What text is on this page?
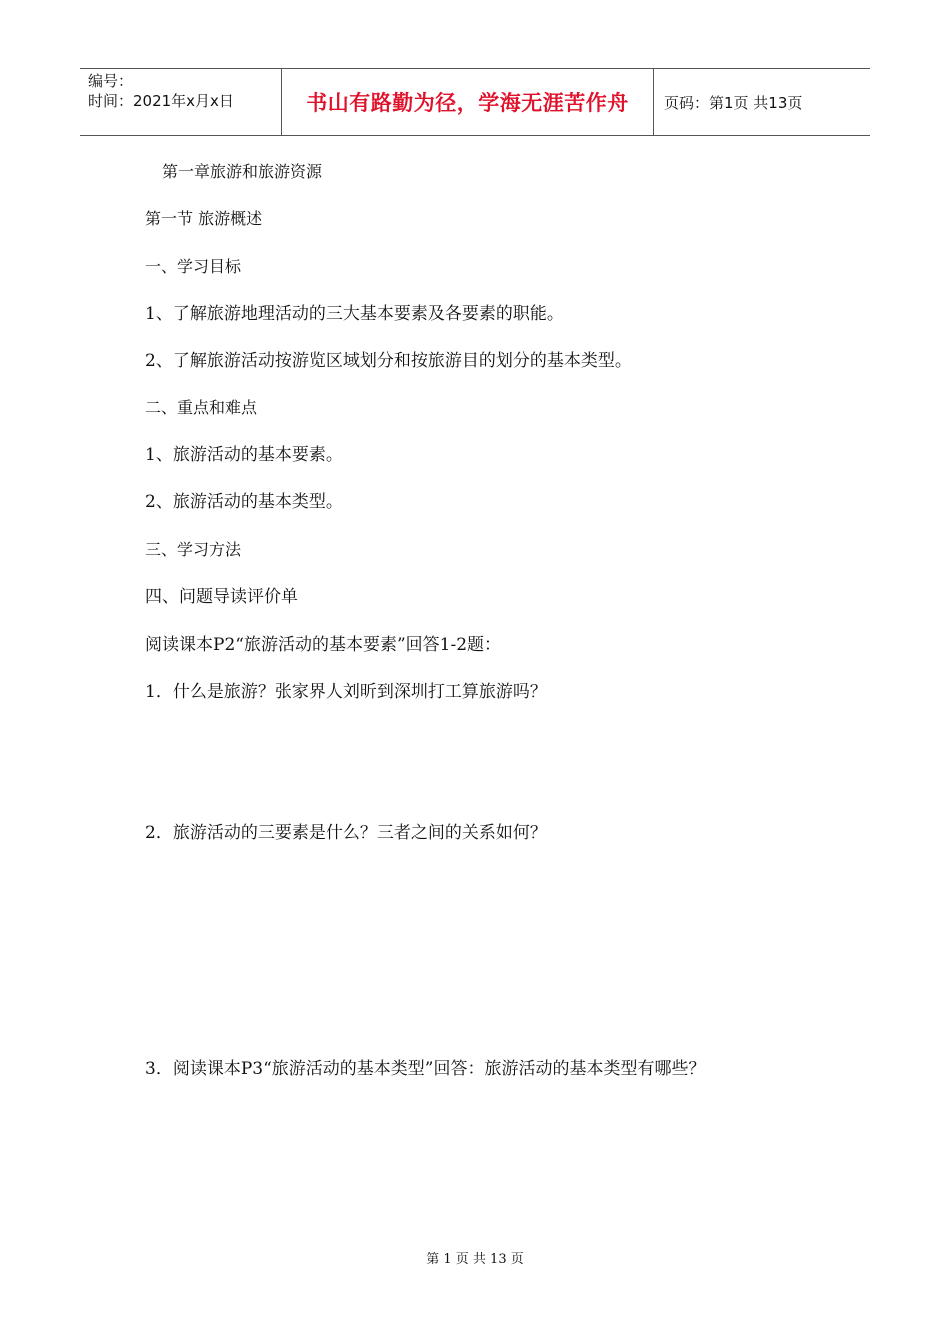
编号：
时间：2021年x月x日	书山有路勤为径，学海无涯苦作舟 页码：第1页 共13页
第一章旅游和旅游资源
第一节 旅游概述
一、学习目标
1、了解旅游地理活动的三大基本要素及各要素的职能。
2、了解旅游活动按游览区域划分和按旅游目的划分的基本类型。
二、重点和难点
1、旅游活动的基本要素。
2、旅游活动的基本类型。
三、学习方法
四、问题导读评价单
阅读课本P2“旅游活动的基本要素”回答1-2题：
1．什么是旅游？张家界人刘昕到深圳打工算旅游吗？
2．旅游活动的三要素是什么？三者之间的关系如何？
3．阅读课本P3“旅游活动的基本类型”回答：旅游活动的基本类型有哪些？
第 1 页 共 13 页
